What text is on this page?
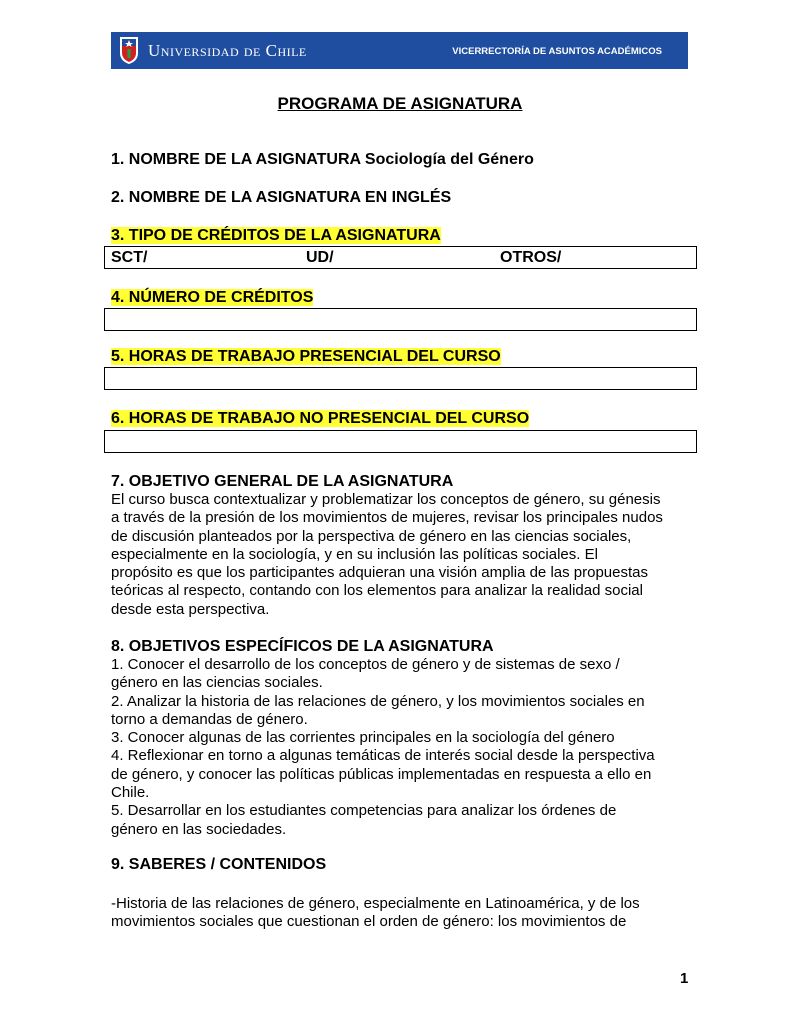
Universidad de Chile	VICERRECTORÍA DE ASUNTOS ACADÉMICOS
PROGRAMA DE ASIGNATURA
1. NOMBRE DE LA ASIGNATURA Sociología del Género
2. NOMBRE DE LA ASIGNATURA EN INGLÉS
3. TIPO DE CRÉDITOS DE LA ASIGNATURA
SCT/	UD/	OTROS/
4. NÚMERO DE CRÉDITOS
5. HORAS DE TRABAJO PRESENCIAL DEL CURSO
6. HORAS DE TRABAJO NO PRESENCIAL DEL CURSO
7. OBJETIVO GENERAL DE LA ASIGNATURA
El curso busca contextualizar y problematizar los conceptos de género, su génesis
a través de la presión de los movimientos de mujeres, revisar los principales nudos
de discusión planteados por la perspectiva de género en las ciencias sociales,
especialmente en la sociología, y en su inclusión las políticas sociales. El
propósito es que los participantes adquieran una visión amplia de las propuestas
teóricas al respecto, contando con los elementos para analizar la realidad social
desde esta perspectiva.
8. OBJETIVOS ESPECÍFICOS DE LA ASIGNATURA
1. Conocer el desarrollo de los conceptos de género y de sistemas de sexo /
género en las ciencias sociales.
2. Analizar la historia de las relaciones de género, y los movimientos sociales en
torno a demandas de género.
3. Conocer algunas de las corrientes principales en la sociología del género
4. Reflexionar en torno a algunas temáticas de interés social desde la perspectiva
de género, y conocer las políticas públicas implementadas en respuesta a ello en
Chile.
5. Desarrollar en los estudiantes competencias para analizar los órdenes de
género en las sociedades.
9. SABERES / CONTENIDOS
-Historia de las relaciones de género, especialmente en Latinoamérica, y de los
movimientos sociales que cuestionan el orden de género: los movimientos de
1
